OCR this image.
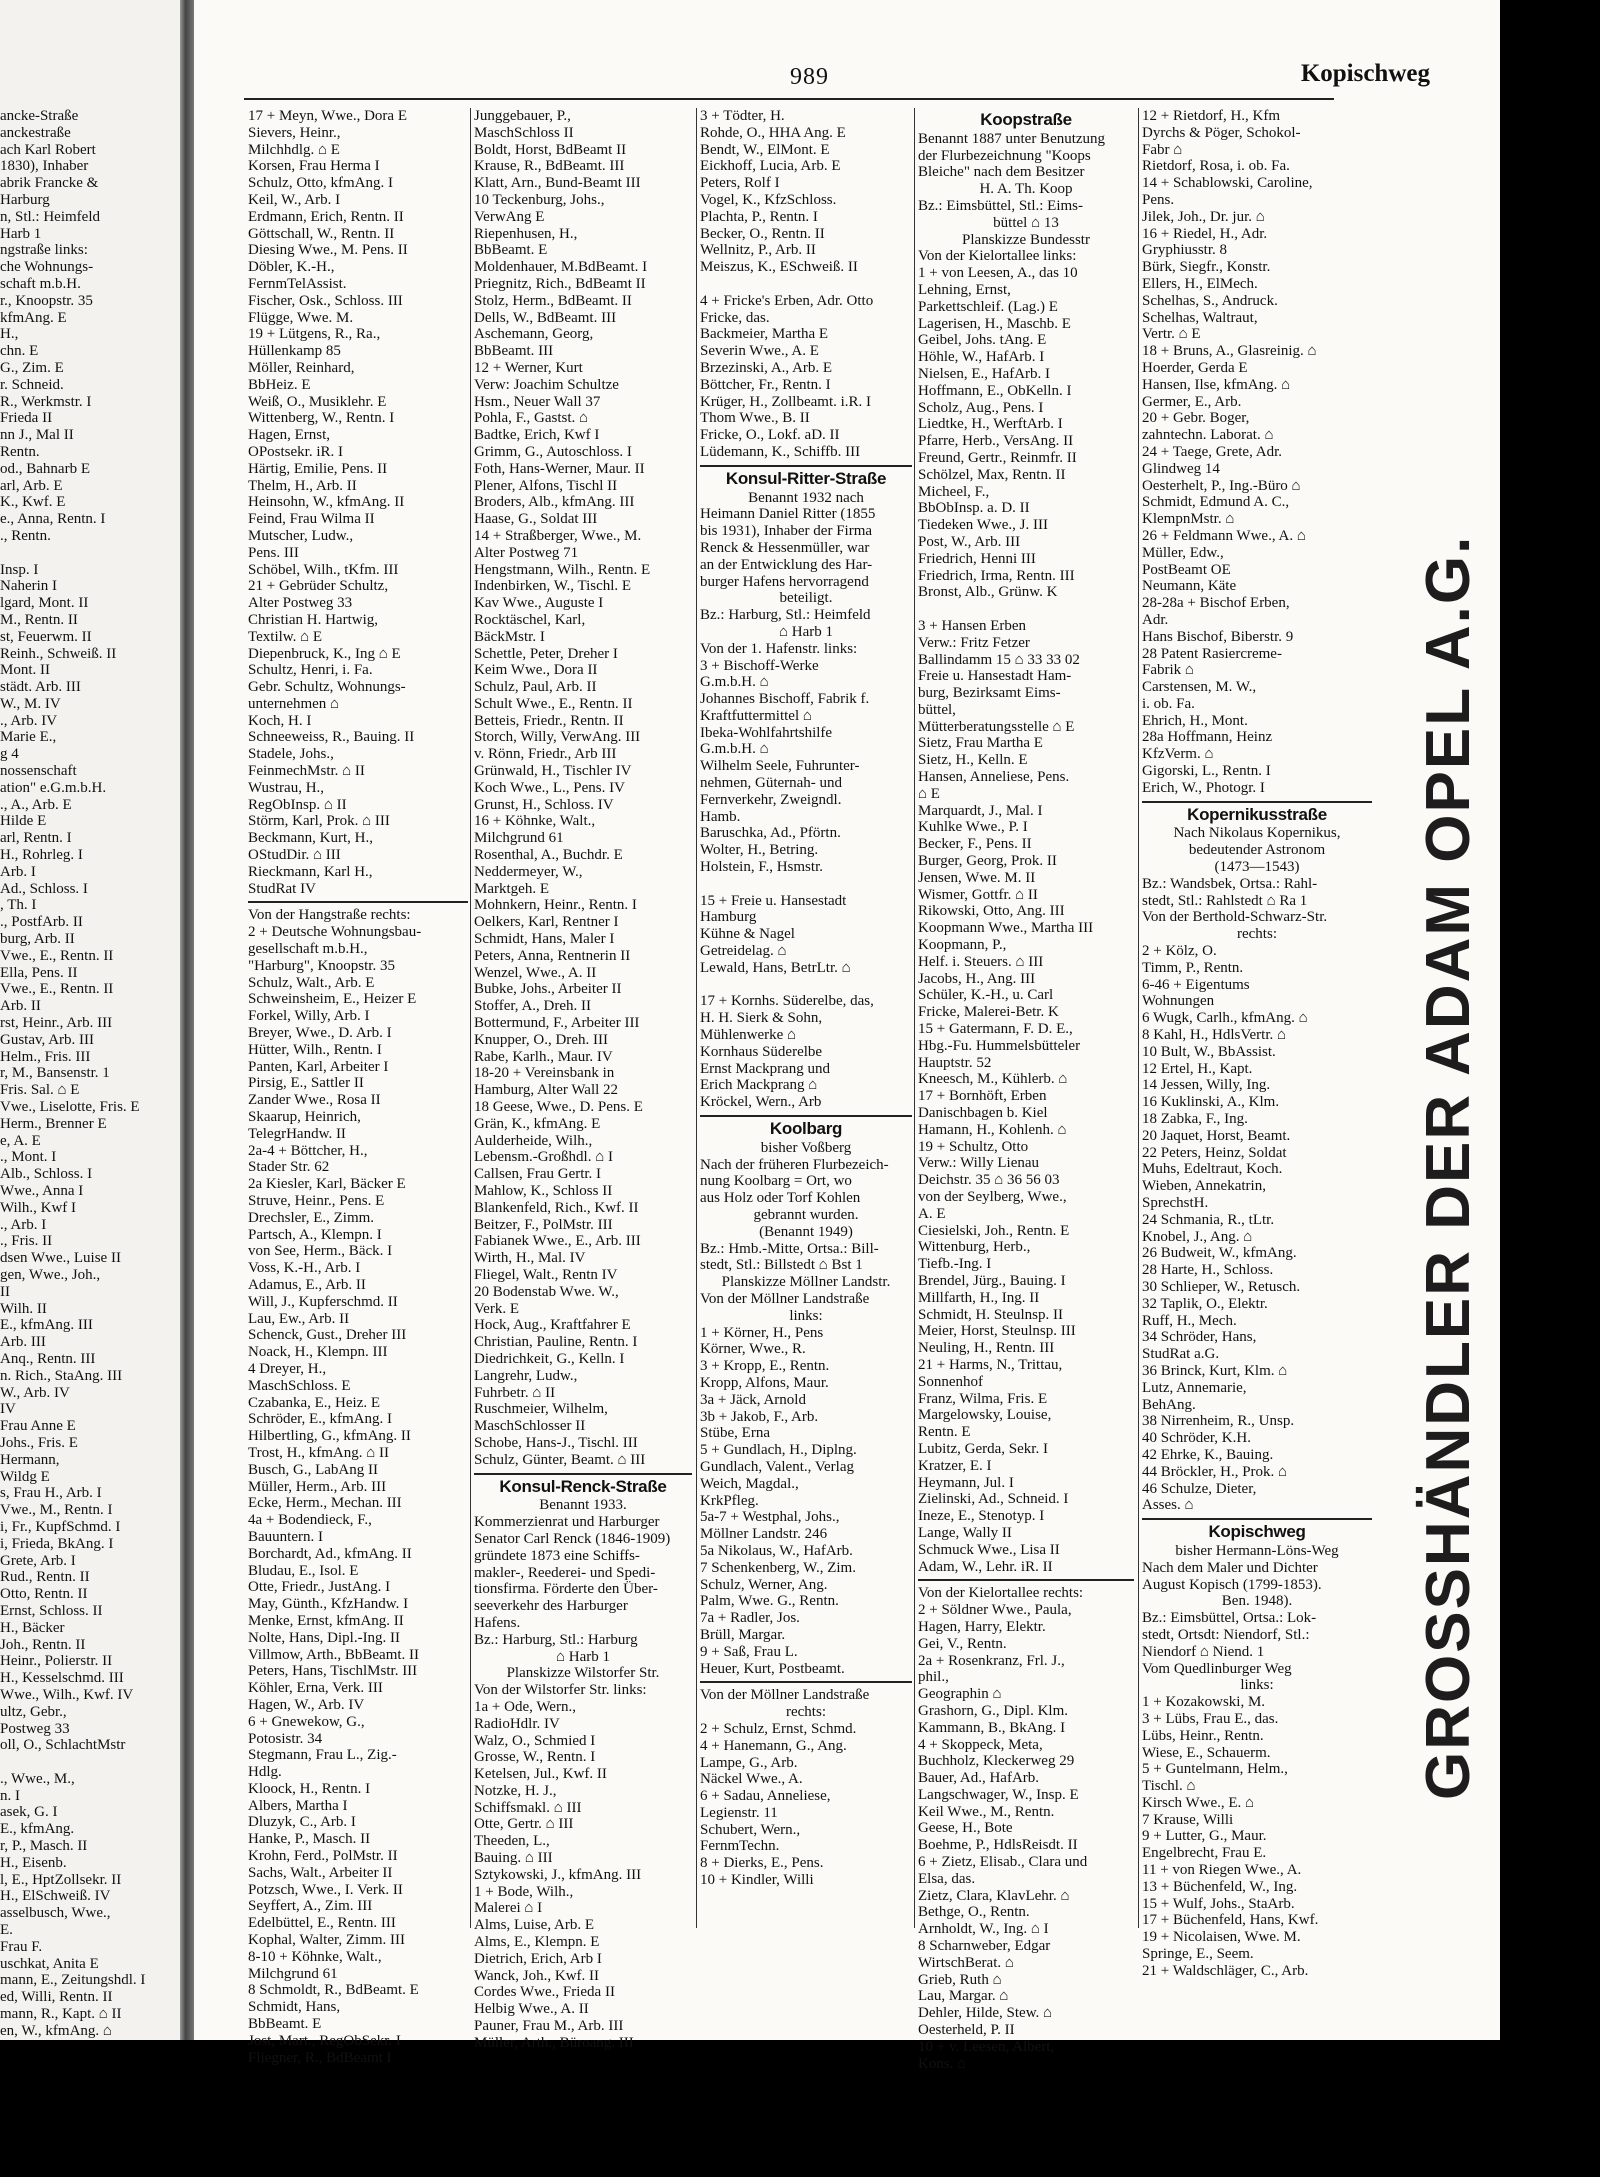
ancke-Straße
anckestraße
ach Karl Robert
1830), Inhaber
abrik Francke &
Harburg
n, Stl.: Heimfeld
Harb 1
ngstraße links:
che Wohnungs-
schaft m.b.H.
r., Knoopstr. 35
kfmAng. E
H.,
chn. E
G., Zim. E
r. Schneid.
R., Werkmstr. I
Frieda II
nn J., Mal II
Rentn.
od., Bahnarb E
arl, Arb. E
K., Kwf. E
e., Anna, Rentn. I
., Rentn.
Insp. I
Naherin I
lgard, Mont. II
M., Rentn. II
st, Feuerwm. II
Reinh., Schweiß. II
Mont. II
städt. Arb. III
W., M. IV
., Arb. IV
Marie E.,
g 4
nossenschaft
ation" e.G.m.b.H.
., A., Arb. E
Hilde E
arl, Rentn. I
H., Rohrleg. I
Arb. I
Ad., Schloss. I
, Th. I
., PostfArb. II
burg, Arb. II
Vwe., E., Rentn. II
Ella, Pens. II
Vwe., E., Rentn. II
Arb. II
rst, Heinr., Arb. III
Gustav, Arb. III
Helm., Fris. III
r, M., Bansenstr. 1
Fris. Sal. ⌂ E
Vwe., Liselotte, Fris. E
Herm., Brenner E
e, A. E
., Mont. I
Alb., Schloss. I
Wwe., Anna I
Wilh., Kwf I
., Arb. I
., Fris. II
dsen Wwe., Luise II
gen, Wwe., Joh.,
II
Wilh. II
E., kfmAng. III
Arb. III
Anq., Rentn. III
n. Rich., StaAng. III
W., Arb. IV
IV
Frau Anne E
Johs., Fris. E
Hermann,
Wildg E
s, Frau H., Arb. I
Vwe., M., Rentn. I
i, Fr., KupfSchmd. I
i, Frieda, BkAng. I
Grete, Arb. I
Rud., Rentn. II
Otto, Rentn. II
Ernst, Schloss. II
H., Bäcker
Joh., Rentn. II
Heinr., Polierstr. II
H., Kesselschmd. III
Wwe., Wilh., Kwf. IV
ultz, Gebr.,
Postweg 33
oll, O., SchlachtMstr
., Wwe., M.,
n. I
asek, G. I
E., kfmAng.
r, P., Masch. II
H., Eisenb.
l, E., HptZollsekr. II
H., ElSchweiß. IV
asselbusch, Wwe.,
E.
Frau F.
uschkat, Anita E
mann, E., Zeitungshdl. I
ed, Willi, Rentn. II
mann, R., Kapt. ⌂ II
en, W., kfmAng. ⌂
989	Kopischweg
17 + Meyn, Wwe., Dora E
Sievers, Heinr.,
Milchhdlg. ⌂ E
Korsen, Frau Herma I
Schulz, Otto, kfmAng. I
Keil, W., Arb. I
Erdmann, Erich, Rentn. II
Göttschall, W., Rentn. II
Diesing Wwe., M. Pens. II
Döbler, K.-H.,
FernmTelAssist.
Fischer, Osk., Schloss. III
Flügge, Wwe. M.
19 + Lütgens, R., Ra.,
Hüllenkamp 85
Möller, Reinhard,
BbHeiz. E
Weiß, O., Musiklehr. E
Wittenberg, W., Rentn. I
Hagen, Ernst,
OPostsekr. iR. I
Härtig, Emilie, Pens. II
Thelm, H., Arb. II
Heinsohn, W., kfmAng. II
Feind, Frau Wilma II
Mutscher, Ludw.,
Pens. III
Schöbel, Wilh., tKfm. III
21 + Gebrüder Schultz,
Alter Postweg 33
Christian H. Hartwig,
Textilw. ⌂ E
Diepenbruck, K., Ing ⌂ E
Schultz, Henri, i. Fa.
Gebr. Schultz, Wohnungs-
unternehmen ⌂
Koch, H. I
Schneeweiss, R., Bauing. II
Stadele, Johs.,
FeinmechMstr. ⌂ II
Wustrau, H.,
RegObInsp. ⌂ II
Störm, Karl, Prok. ⌂ III
Beckmann, Kurt, H.,
OStudDir. ⌂ III
Rieckmann, Karl H.,
StudRat IV
Von der Hangstraße rechts:
2 + Deutsche Wohnungsbau-
gesellschaft m.b.H.,
"Harburg", Knoopstr. 35
Schulz, Walt., Arb. E
Schweinsheim, E., Heizer E
Forkel, Willy, Arb. I
Breyer, Wwe., D. Arb. I
Hütter, Wilh., Rentn. I
Panten, Karl, Arbeiter I
Pirsig, E., Sattler II
Zander Wwe., Rosa II
Skaarup, Heinrich,
TelegrHandw. II
2a-4 + Böttcher, H.,
Stader Str. 62
2a Kiesler, Karl, Bäcker E
Struve, Heinr., Pens. E
Drechsler, E., Zimm.
Partsch, A., Klempn. I
von See, Herm., Bäck. I
Voss, K.-H., Arb. I
Adamus, E., Arb. II
Will, J., Kupferschmd. II
Lau, Ew., Arb. II
Schenck, Gust., Dreher III
Noack, H., Klempn. III
4 Dreyer, H.,
MaschSchloss. E
Czabanka, E., Heiz. E
Schröder, E., kfmAng. I
Hilbertling, G., kfmAng. II
Trost, H., kfmAng. ⌂ II
Busch, G., LabAng II
Müller, Herm., Arb. III
Ecke, Herm., Mechan. III
4a + Bodendieck, F.,
Bauuntern. I
Borchardt, Ad., kfmAng. II
Bludau, E., Isol. E
Otte, Friedr., JustAng. I
May, Günth., KfzHandw. I
Menke, Ernst, kfmAng. II
Nolte, Hans, Dipl.-Ing. II
Villmow, Arth., BbBeamt. II
Peters, Hans, TischlMstr. III
Köhler, Erna, Verk. III
Hagen, W., Arb. IV
6 + Gnewekow, G.,
Potosistr. 34
Stegmann, Frau L., Zig.-
Hdlg.
Kloock, H., Rentn. I
Albers, Martha I
Dluzyk, C., Arb. I
Hanke, P., Masch. II
Krohn, Ferd., PolMstr. II
Sachs, Walt., Arbeiter II
Potzsch, Wwe., I. Verk. II
Seyffert, A., Zim. III
Edelbüttel, E., Rentn. III
Kophal, Walter, Zimm. III
8-10 + Köhnke, Walt.,
Milchgrund 61
8 Schmoldt, R., BdBeamt. E
Schmidt, Hans,
BbBeamt. E
Jost, Mart., RegObSekr. I
Fliegner, R., BdBeamt I
Junggebauer, P.,
MaschSchloss II
Boldt, Horst, BdBeamt II
Krause, R., BdBeamt. III
Klatt, Arn., Bund-Beamt III
10 Teckenburg, Johs.,
VerwAng E
Riepenhusen, H.,
BbBeamt. E
Moldenhauer, M.BdBeamt. I
Priegnitz, Rich., BdBeamt II
Stolz, Herm., BdBeamt. II
Dells, W., BdBeamt. III
Aschemann, Georg,
BbBeamt. III
12 + Werner, Kurt
Verw: Joachim Schultze
Hsm., Neuer Wall 37
Pohla, F., Gastst. ⌂
Badtke, Erich, Kwf I
Grimm, G., Autoschloss. I
Foth, Hans-Werner, Maur. II
Plener, Alfons, Tischl II
Broders, Alb., kfmAng. III
Haase, G., Soldat III
14 + Straßberger, Wwe., M.
Alter Postweg 71
Hengstmann, Wilh., Rentn. E
Indenbirken, W., Tischl. E
Kav Wwe., Auguste I
Rocktäschel, Karl,
BäckMstr. I
Schettle, Peter, Dreher I
Keim Wwe., Dora II
Schulz, Paul, Arb. II
Schult Wwe., E., Rentn. II
Betteis, Friedr., Rentn. II
Storch, Willy, VerwAng. III
v. Rönn, Friedr., Arb III
Grünwald, H., Tischler IV
Koch Wwe., L., Pens. IV
Grunst, H., Schloss. IV
16 + Köhnke, Walt.,
Milchgrund 61
Rosenthal, A., Buchdr. E
Neddermeyer, W.,
Marktgeh. E
Mohnkern, Heinr., Rentn. I
Oelkers, Karl, Rentner I
Schmidt, Hans, Maler I
Peters, Anna, Rentnerin II
Wenzel, Wwe., A. II
Bubke, Johs., Arbeiter II
Stoffer, A., Dreh. II
Bottermund, F., Arbeiter III
Knupper, O., Dreh. III
Rabe, Karlh., Maur. IV
18-20 + Vereinsbank in
Hamburg, Alter Wall 22
18 Geese, Wwe., D. Pens. E
Grän, K., kfmAng. E
Aulderheide, Wilh.,
Lebensm.-Großhdl. ⌂ I
Callsen, Frau Gertr. I
Mahlow, K., Schloss II
Blankenfeld, Rich., Kwf. II
Beitzer, F., PolMstr. III
Fabianek Wwe., E., Arb. III
Wirth, H., Mal. IV
Fliegel, Walt., Rentn IV
20 Bodenstab Wwe. W.,
Verk. E
Hock, Aug., Kraftfahrer E
Christian, Pauline, Rentn. I
Diedrichkeit, G., Kelln. I
Langrehr, Ludw.,
Fuhrbetr. ⌂ II
Ruschmeier, Wilhelm,
MaschSchlosser II
Schobe, Hans-J., Tischl. III
Schulz, Günter, Beamt. ⌂ III
Konsul-Renck-Straße
Benannt 1933.
Kommerzienrat und Harburger
Senator Carl Renck (1846-1909)
gründete 1873 eine Schiffs-
makler-, Reederei- und Spedi-
tionsfirma. Förderte den Über-
seeverkehr des Harburger
Hafens.
Bz.: Harburg, Stl.: Harburg
⌂ Harb 1
Planskizze Wilstorfer Str.
Von der Wilstorfer Str. links:
1a + Ode, Wern.,
RadioHdlr. IV
Walz, O., Schmied I
Grosse, W., Rentn. I
Ketelsen, Jul., Kwf. II
Notzke, H. J.,
Schiffsmakl. ⌂ III
Otte, Gertr. ⌂ III
Theeden, L.,
Bauing. ⌂ III
Sztykowski, J., kfmAng. III
1 + Bode, Wilh.,
Malerei ⌂ I
Alms, Luise, Arb. E
Alms, E., Klempn. E
Dietrich, Erich, Arb I
Wanck, Joh., Kwf. II
Cordes Wwe., Frieda II
Helbig Wwe., A. II
Pauner, Frau M., Arb. III
Müller, Arth., Büroang. III
3 + Tödter, H.
Rohde, O., HHA Ang. E
Bendt, W., ElMont. E
Eickhoff, Lucia, Arb. E
Peters, Rolf I
Vogel, K., KfzSchloss.
Plachta, P., Rentn. I
Becker, O., Rentn. II
Wellnitz, P., Arb. II
Meiszus, K., ESchweiß. II
4 + Fricke's Erben, Adr. Otto
Fricke, das.
Backmeier, Martha E
Severin Wwe., A. E
Brzezinski, A., Arb. E
Böttcher, Fr., Rentn. I
Krüger, H., Zollbeamt. i.R. I
Thom Wwe., B. II
Fricke, O., Lokf. aD. II
Lüdemann, K., Schiffb. III
Konsul-Ritter-Straße
Benannt 1932 nach
Heimann Daniel Ritter (1855
bis 1931), Inhaber der Firma
Renck & Hessenmüller, war
an der Entwicklung des Har-
burger Hafens hervorragend
beteiligt.
Bz.: Harburg, Stl.: Heimfeld
⌂ Harb 1
Von der 1. Hafenstr. links:
3 + Bischoff-Werke
G.m.b.H. ⌂
Johannes Bischoff, Fabrik f.
Kraftfuttermittel ⌂
Ibeka-Wohlfahrtshilfe
G.m.b.H. ⌂
Wilhelm Seele, Fuhrunter-
nehmen, Güternah- und
Fernverkehr, Zweigndl.
Hamb.
Baruschka, Ad., Pförtn.
Wolter, H., Betring.
Holstein, F., Hsmstr.
15 + Freie u. Hansestadt
Hamburg
Kühne & Nagel
Getreidelag. ⌂
Lewald, Hans, BetrLtr. ⌂
17 + Kornhs. Süderelbe, das,
H. H. Sierk & Sohn,
Mühlenwerke ⌂
Kornhaus Süderelbe
Ernst Mackprang und
Erich Mackprang ⌂
Kröckel, Wern., Arb
Koolbarg
bisher Voßberg
Nach der früheren Flurbezeich-
nung Koolbarg = Ort, wo
aus Holz oder Torf Kohlen
gebrannt wurden.
(Benannt 1949)
Bz.: Hmb.-Mitte, Ortsa.: Bill-
stedt, Stl.: Billstedt ⌂ Bst 1
Planskizze Möllner Landstr.
Von der Möllner Landstraße
links:
1 + Körner, H., Pens
Körner, Wwe., R.
3 + Kropp, E., Rentn.
Kropp, Alfons, Maur.
3a + Jäck, Arnold
3b + Jakob, F., Arb.
Stübe, Erna
5 + Gundlach, H., Diplng.
Gundlach, Valent., Verlag
Weich, Magdal.,
KrkPfleg.
5a-7 + Westphal, Johs.,
Möllner Landstr. 246
5a Nikolaus, W., HafArb.
7 Schenkenberg, W., Zim.
Schulz, Werner, Ang.
Palm, Wwe. G., Rentn.
7a + Radler, Jos.
Brüll, Margar.
9 + Saß, Frau L.
Heuer, Kurt, Postbeamt.
Von der Möllner Landstraße
rechts:
2 + Schulz, Ernst, Schmd.
4 + Hanemann, G., Ang.
Lampe, G., Arb.
Näckel Wwe., A.
6 + Sadau, Anneliese,
Legienstr. 11
Schubert, Wern.,
FernmTechn.
8 + Dierks, E., Pens.
10 + Kindler, Willi
Koopstraße
Benannt 1887 unter Benutzung
der Flurbezeichnung "Koops
Bleiche" nach dem Besitzer
H. A. Th. Koop
Bz.: Eimsbüttel, Stl.: Eims-
büttel ⌂ 13
Planskizze Bundesstr
Von der Kielortallee links:
1 + von Leesen, A., das 10
Lehning, Ernst,
Parkettschleif. (Lag.) E
Lagerisen, H., Maschb. E
Geibel, Johs. tAng. E
Höhle, W., HafArb. I
Nielsen, E., HafArb. I
Hoffmann, E., ObKelln. I
Scholz, Aug., Pens. I
Liedtke, H., WerftArb. I
Pfarre, Herb., VersAng. II
Freund, Gertr., Reinmfr. II
Schölzel, Max, Rentn. II
Micheel, F.,
BbObInsp. a. D. II
Tiedeken Wwe., J. III
Post, W., Arb. III
Friedrich, Henni III
Friedrich, Irma, Rentn. III
Bronst, Alb., Grünw. K
3 + Hansen Erben
Verw.: Fritz Fetzer
Ballindamm 15 ⌂ 33 33 02
Freie u. Hansestadt Ham-
burg, Bezirksamt Eims-
büttel,
Mütterberatungsstelle ⌂ E
Sietz, Frau Martha E
Sietz, H., Kelln. E
Hansen, Anneliese, Pens.
⌂ E
Marquardt, J., Mal. I
Kuhlke Wwe., P. I
Becker, F., Pens. II
Burger, Georg, Prok. II
Jensen, Wwe. M. II
Wismer, Gottfr. ⌂ II
Rikowski, Otto, Ang. III
Koopmann Wwe., Martha III
Koopmann, P.,
Helf. i. Steuers. ⌂ III
Jacobs, H., Ang. III
Schüler, K.-H., u. Carl
Fricke, Malerei-Betr. K
15 + Gatermann, F. D. E.,
Hbg.-Fu. Hummelsbütteler
Hauptstr. 52
Kneesch, M., Kühlerb. ⌂
17 + Bornhöft, Erben
Danischbagen b. Kiel
Hamann, H., Kohlenh. ⌂
19 + Schultz, Otto
Verw.: Willy Lienau
Deichstr. 35 ⌂ 36 56 03
von der Seylberg, Wwe.,
A. E
Ciesielski, Joh., Rentn. E
Wittenburg, Herb.,
Tiefb.-Ing. I
Brendel, Jürg., Bauing. I
Millfarth, H., Ing. II
Schmidt, H. Steulnsp. II
Meier, Horst, Steulnsp. III
Neuling, H., Rentn. III
21 + Harms, N., Trittau,
Sonnenhof
Franz, Wilma, Fris. E
Margelowsky, Louise,
Rentn. E
Lubitz, Gerda, Sekr. I
Kratzer, E. I
Heymann, Jul. I
Zielinski, Ad., Schneid. I
Ineze, E., Stenotyp. I
Lange, Wally II
Schmuck Wwe., Lisa II
Adam, W., Lehr. iR. II
Von der Kielortallee rechts:
2 + Söldner Wwe., Paula,
Hagen, Harry, Elektr.
Gei, V., Rentn.
2a + Rosenkranz, Frl. J.,
phil.,
Geographin ⌂
Grashorn, G., Dipl. Klm.
Kammann, B., BkAng. I
4 + Skoppeck, Meta,
Buchholz, Kleckerweg 29
Bauer, Ad., HafArb.
Langschwager, W., Insp. E
Keil Wwe., M., Rentn.
Geese, H., Bote
Boehme, P., HdlsReisdt. II
6 + Zietz, Elisab., Clara und
Elsa, das.
Zietz, Clara, KlavLehr. ⌂
Bethge, O., Rentn.
Arnholdt, W., Ing. ⌂ I
8 Scharnweber, Edgar
WirtschBerat. ⌂
Grieb, Ruth ⌂
Lau, Margar. ⌂
Dehler, Hilde, Stew. ⌂
Oesterheld, P. II
10 + v. Leesen, Albert,
Kons. ⌂
12 + Rietdorf, H., Kfm
Dyrchs & Pöger, Schokol-
Fabr ⌂
Rietdorf, Rosa, i. ob. Fa.
14 + Schablowski, Caroline,
Pens.
Jilek, Joh., Dr. jur. ⌂
16 + Riedel, H., Adr.
Gryphiusstr. 8
Bürk, Siegfr., Konstr.
Ellers, H., ElMech.
Schelhas, S., Andruck.
Schelhas, Waltraut,
Vertr. ⌂ E
18 + Bruns, A., Glasreinig. ⌂
Hoerder, Gerda E
Hansen, Ilse, kfmAng. ⌂
Germer, E., Arb.
20 + Gebr. Boger,
zahntechn. Laborat. ⌂
24 + Taege, Grete, Adr.
Glindweg 14
Oesterhelt, P., Ing.-Büro ⌂
Schmidt, Edmund A. C.,
KlempnMstr. ⌂
26 + Feldmann Wwe., A. ⌂
Müller, Edw.,
PostBeamt OE
Neumann, Käte
28-28a + Bischof Erben,
Adr.
Hans Bischof, Biberstr. 9
28 Patent Rasiercreme-
Fabrik ⌂
Carstensen, M. W.,
i. ob. Fa.
Ehrich, H., Mont.
28a Hoffmann, Heinz
KfzVerm. ⌂
Gigorski, L., Rentn. I
Erich, W., Photogr. I
Kopernikusstraße
Nach Nikolaus Kopernikus,
bedeutender Astronom
(1473—1543)
Bz.: Wandsbek, Ortsa.: Rahl-
stedt, Stl.: Rahlstedt ⌂ Ra 1
Von der Berthold-Schwarz-Str.
rechts:
2 + Kölz, O.
Timm, P., Rentn.
6-46 + Eigentums
Wohnungen
6 Wugk, Carlh., kfmAng. ⌂
8 Kahl, H., HdlsVertr. ⌂
10 Bult, W., BbAssist.
12 Ertel, H., Kapt.
14 Jessen, Willy, Ing.
16 Kuklinski, A., Klm.
18 Zabka, F., Ing.
20 Jaquet, Horst, Beamt.
22 Peters, Heinz, Soldat
Muhs, Edeltraut, Koch.
Wieben, Annekatrin,
SprechstH.
24 Schmania, R., tLtr.
Knobel, J., Ang. ⌂
26 Budweit, W., kfmAng.
28 Harte, H., Schloss.
30 Schlieper, W., Retusch.
32 Taplik, O., Elektr.
Ruff, H., Mech.
34 Schröder, Hans,
StudRat a.G.
36 Brinck, Kurt, Klm. ⌂
Lutz, Annemarie,
BehAng.
38 Nirrenheim, R., Unsp.
40 Schröder, K.H.
42 Ehrke, K., Bauing.
44 Bröckler, H., Prok. ⌂
46 Schulze, Dieter,
Asses. ⌂
Kopischweg
bisher Hermann-Löns-Weg
Nach dem Maler und Dichter
August Kopisch (1799-1853).
Ben. 1948).
Bz.: Eimsbüttel, Ortsa.: Lok-
stedt, Ortsdt: Niendorf, Stl.:
Niendorf ⌂ Niend. 1
Vom Quedlinburger Weg
links:
1 + Kozakowski, M.
3 + Lübs, Frau E., das.
Lübs, Heinr., Rentn.
Wiese, E., Schauerm.
5 + Guntelmann, Helm.,
Tischl. ⌂
Kirsch Wwe., E. ⌂
7 Krause, Willi
9 + Lutter, G., Maur.
Engelbrecht, Frau E.
11 + von Riegen Wwe., A.
13 + Büchenfeld, W., Ing.
15 + Wulf, Johs., StaArb.
17 + Büchenfeld, Hans, Kwf.
19 + Nicolaisen, Wwe. M.
Springe, E., Seem.
21 + Waldschläger, C., Arb.
GROSSHÄNDLER DER ADAM OPEL A.G.
